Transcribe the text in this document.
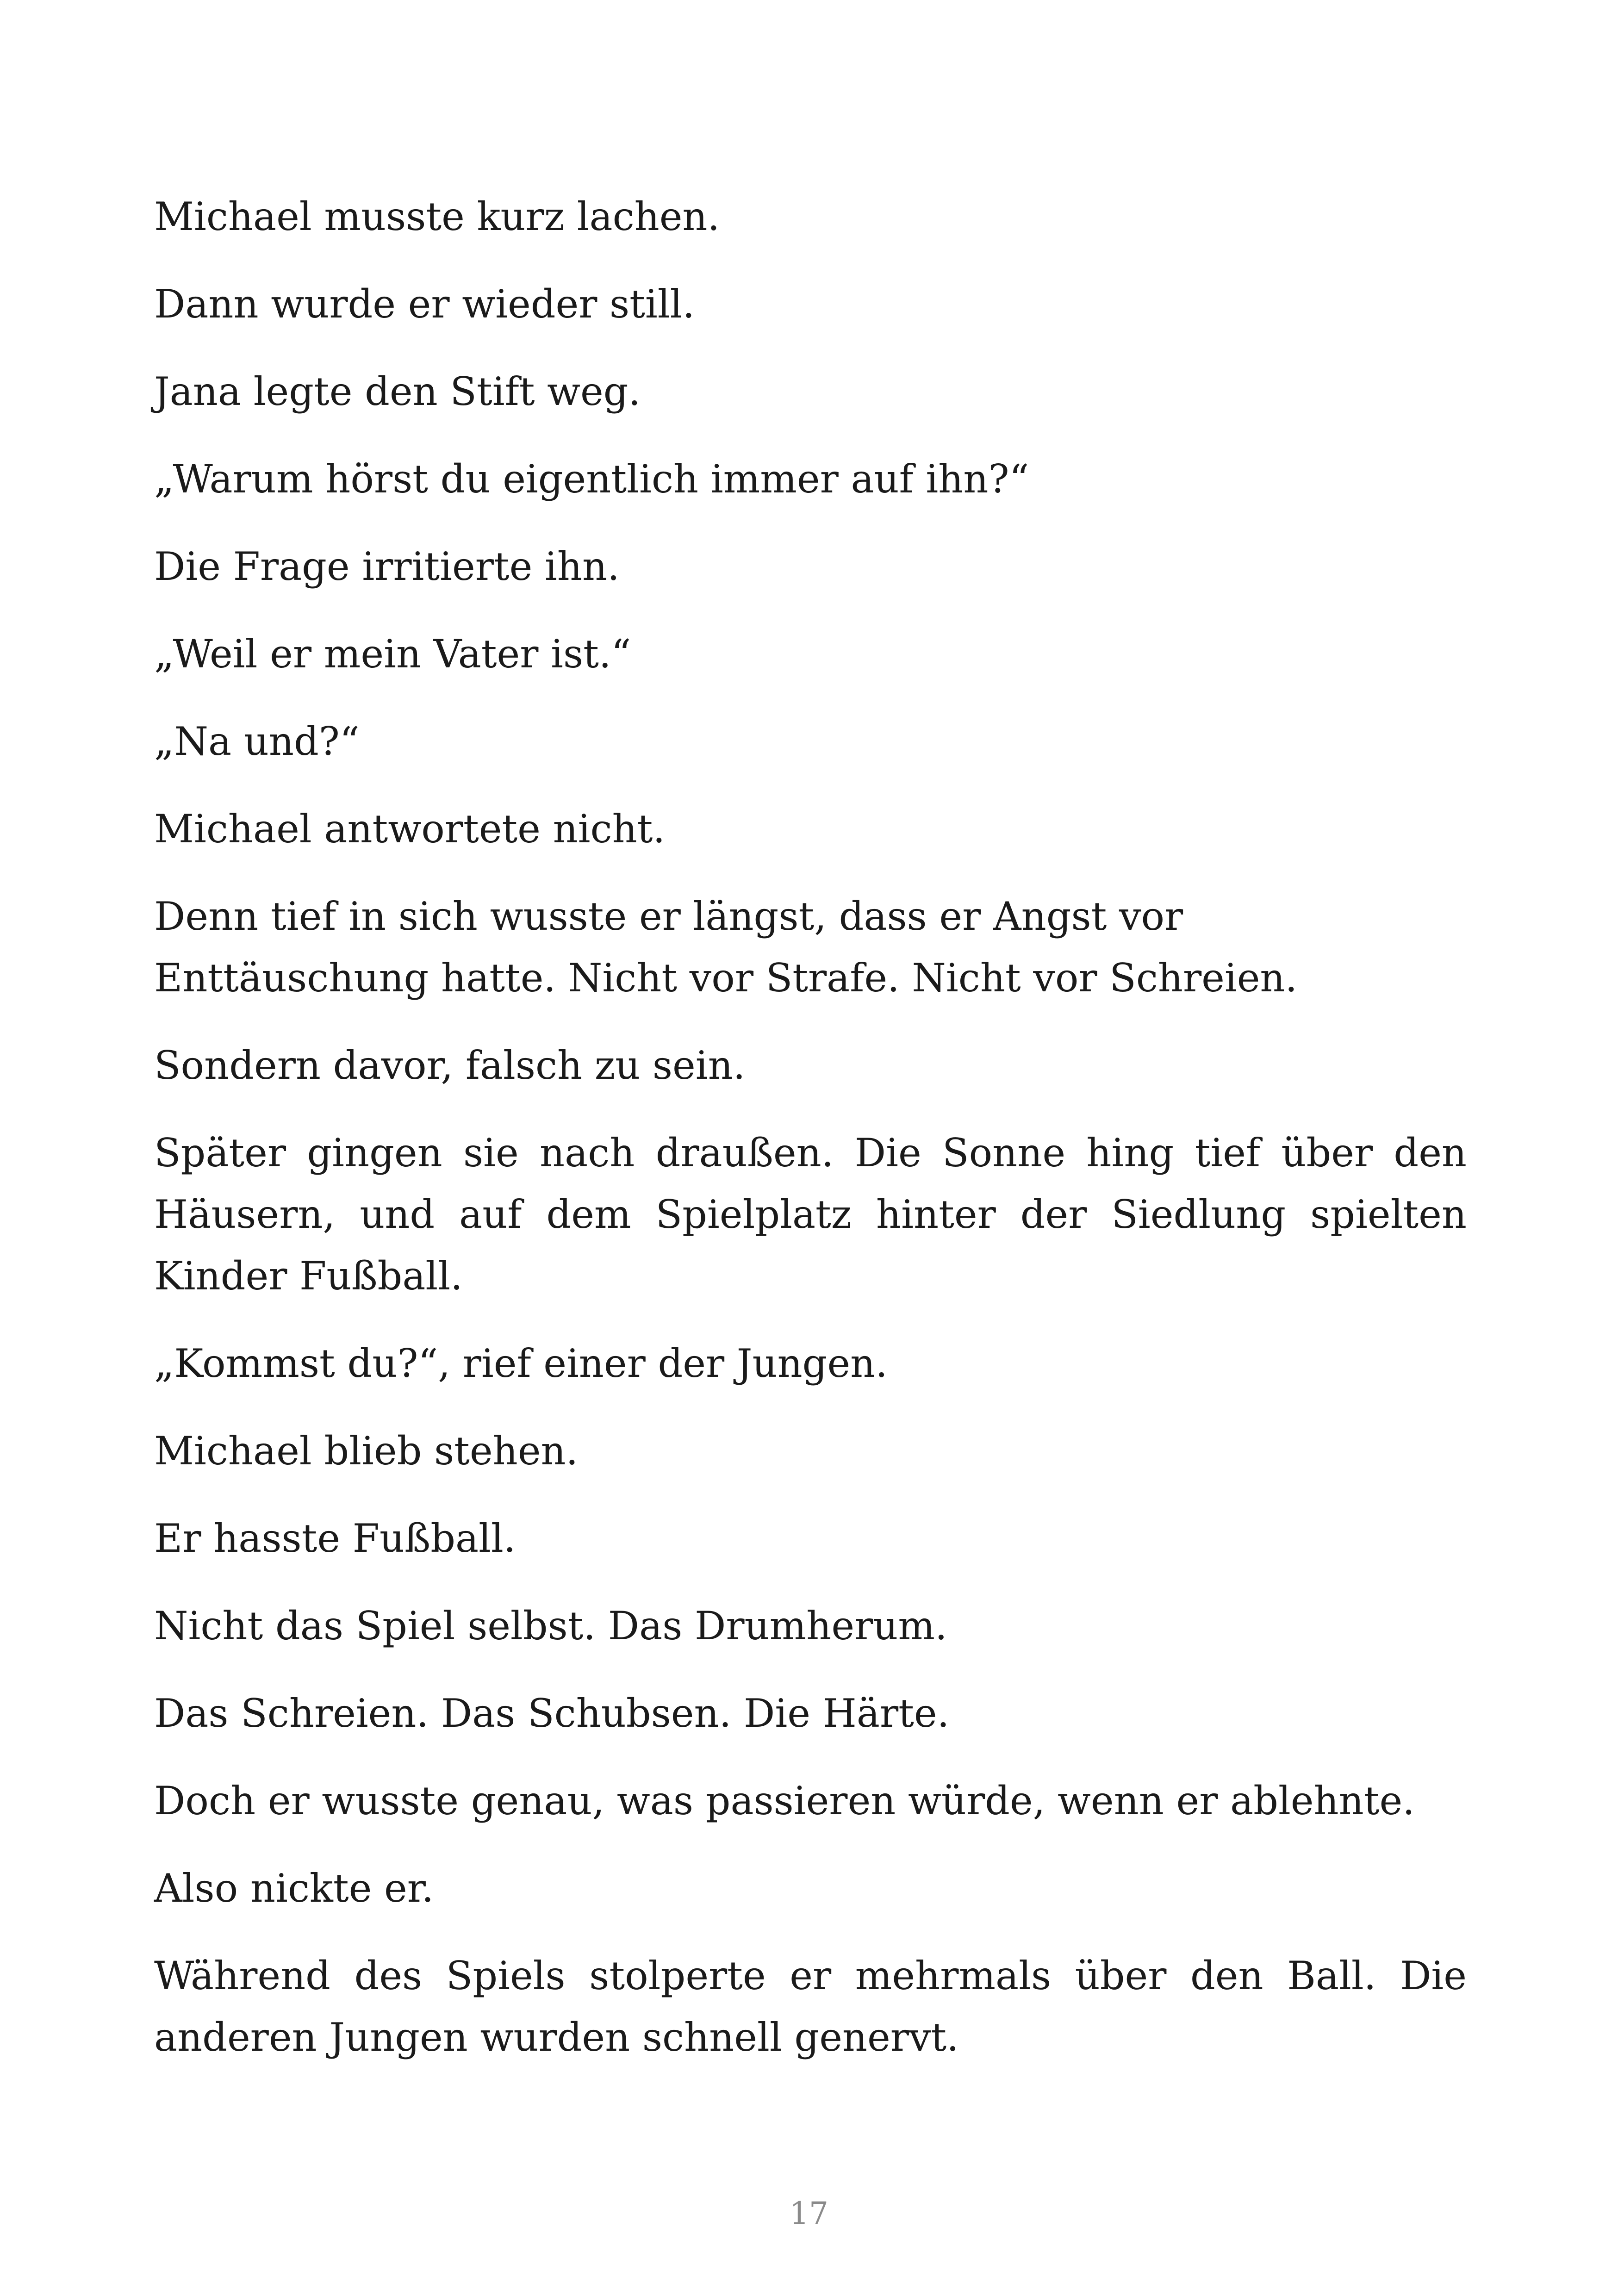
Michael musste kurz lachen.

Dann wurde er wieder still.

Jana legte den Stift weg.

„Warum hörst du eigentlich immer auf ihn?“

Die Frage irritierte ihn.

„Weil er mein Vater ist.“

„Na und?“

Michael antwortete nicht.

Denn tief in sich wusste er längst, dass er Angst vor Enttäuschung hatte. Nicht vor Strafe. Nicht vor Schreien.

Sondern davor, falsch zu sein.

Später gingen sie nach draußen. Die Sonne hing tief über den Häusern, und auf dem Spielplatz hinter der Siedlung spielten Kinder Fußball.

„Kommst du?“, rief einer der Jungen.

Michael blieb stehen.

Er hasste Fußball.

Nicht das Spiel selbst. Das Drumherum.

Das Schreien. Das Schubsen. Die Härte.

Doch er wusste genau, was passieren würde, wenn er ablehnte.

Also nickte er.

Während des Spiels stolperte er mehrmals über den Ball. Die anderen Jungen wurden schnell genervt.

17
